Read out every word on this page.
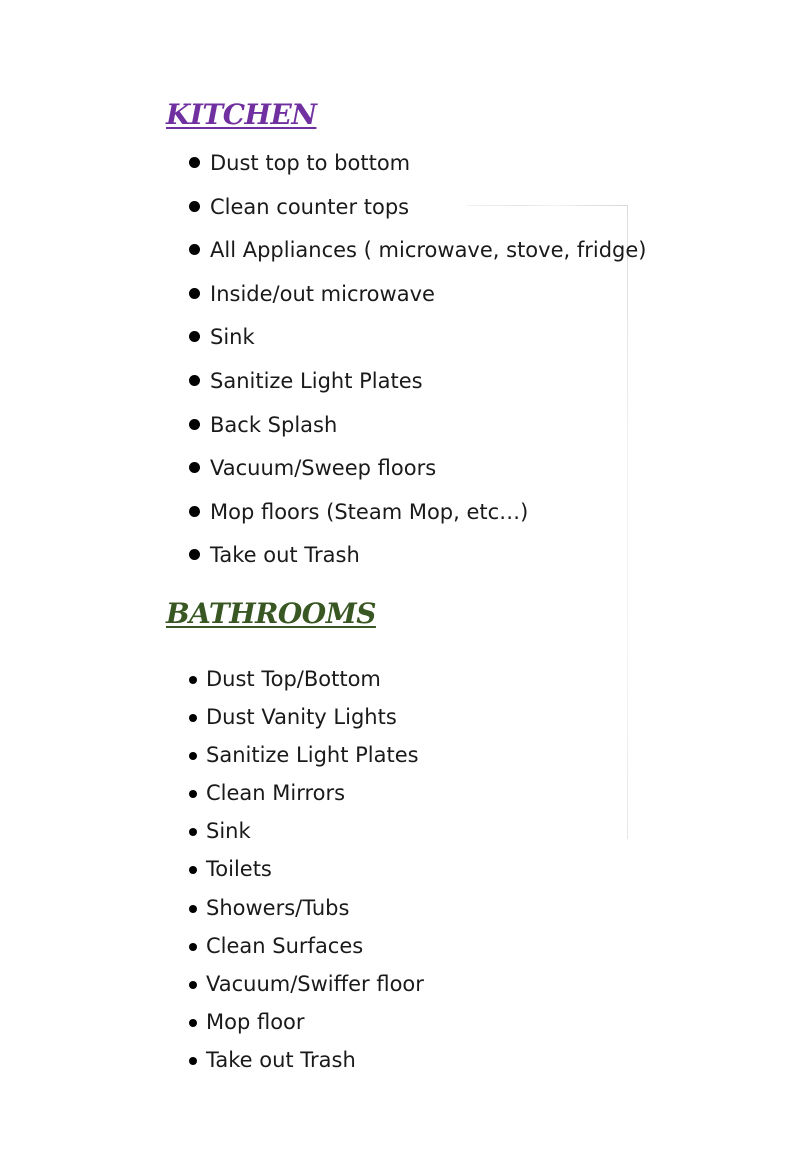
KITCHEN
Dust top to bottom
Clean counter tops
All Appliances ( microwave, stove, fridge)
Inside/out microwave
Sink
Sanitize Light Plates
Back Splash
Vacuum/Sweep floors
Mop floors (Steam Mop, etc…)
Take out Trash
BATHROOMS
Dust Top/Bottom
Dust Vanity Lights
Sanitize Light Plates
Clean Mirrors
Sink
Toilets
Showers/Tubs
Clean Surfaces
Vacuum/Swiffer floor
Mop floor
Take out Trash
